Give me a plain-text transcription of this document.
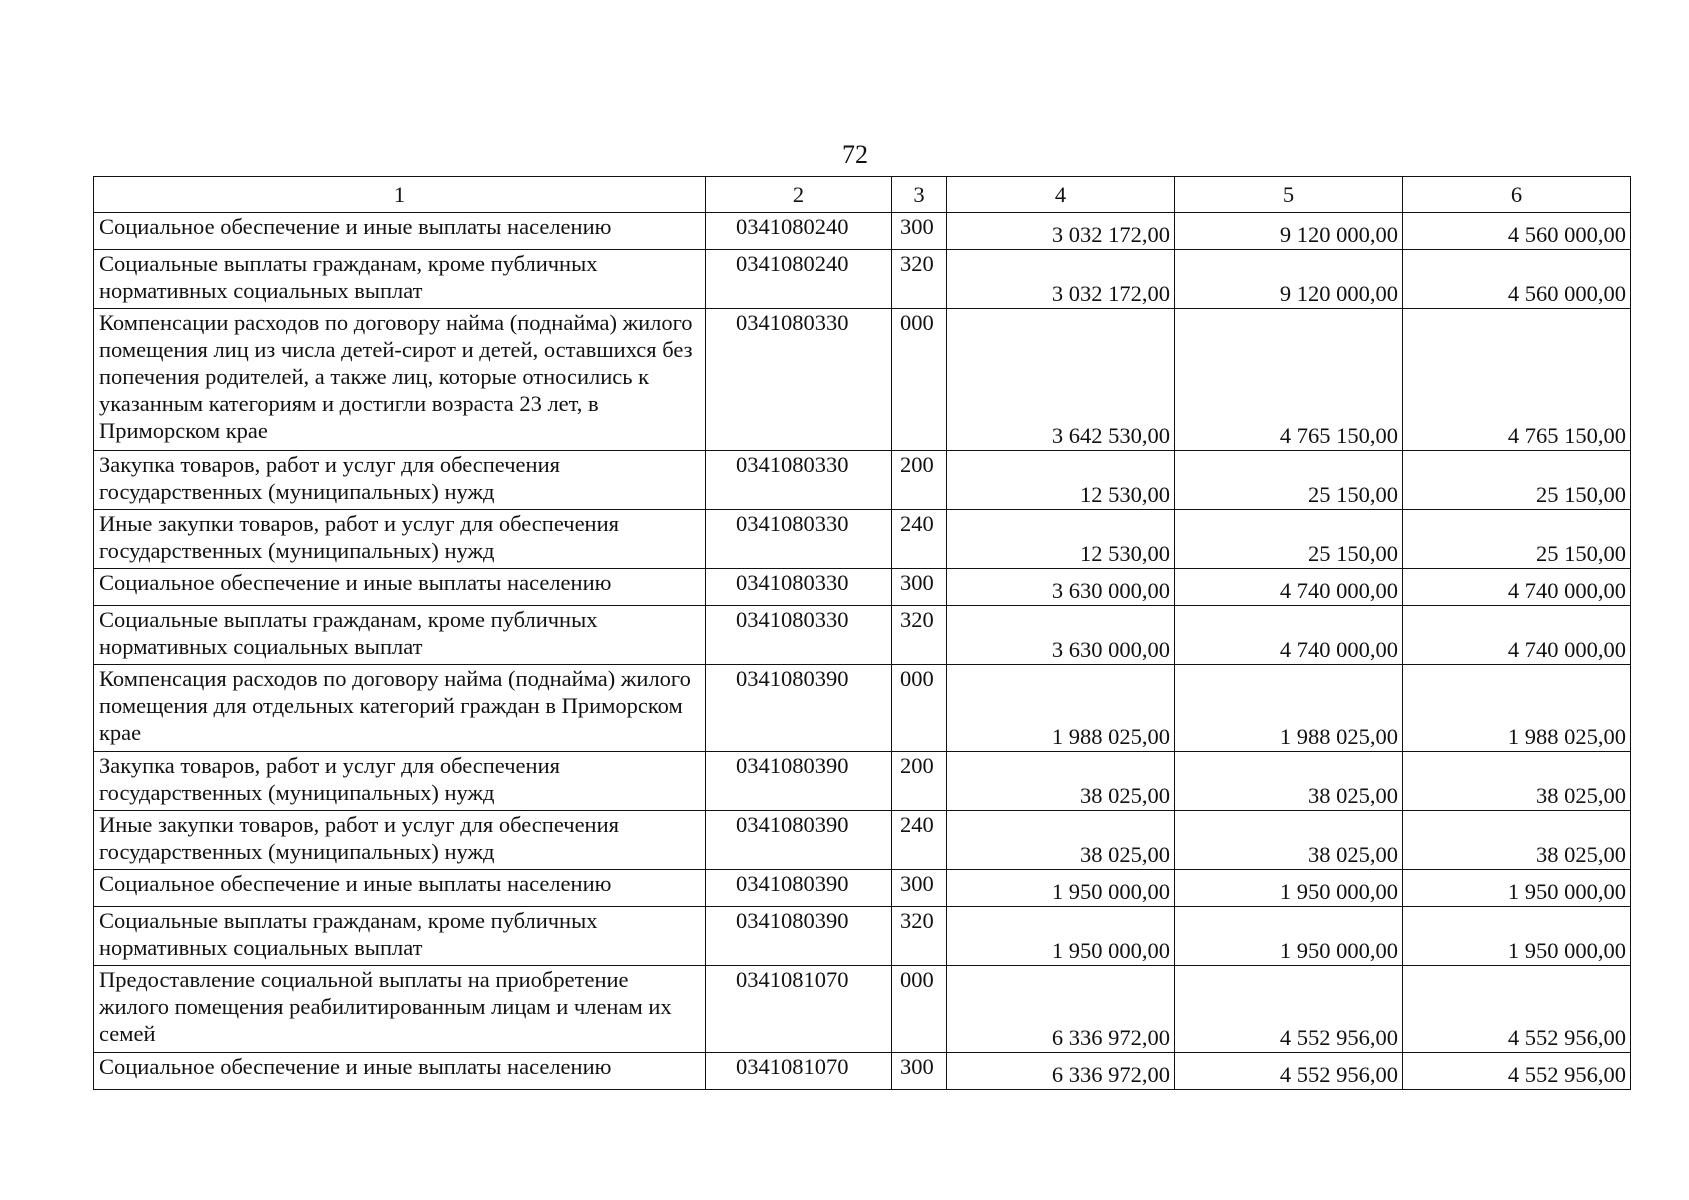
72
1	2	3	4	5	6
Социальное обеспечение и иные выплаты населению	0341080240	300	3 032 172,00	9 120 000,00	4 560 000,00
Социальные выплаты гражданам, кроме публичных нормативных социальных выплат	0341080240	320	3 032 172,00	9 120 000,00	4 560 000,00
Компенсации расходов по договору найма (поднайма) жилого помещения лиц из числа детей-сирот и детей, оставшихся без попечения родителей, а также лиц, которые относились к указанным категориям и достигли возраста 23 лет, в Приморском крае	0341080330	000	3 642 530,00	4 765 150,00	4 765 150,00
Закупка товаров, работ и услуг для обеспечения государственных (муниципальных) нужд	0341080330	200	12 530,00	25 150,00	25 150,00
Иные закупки товаров, работ и услуг для обеспечения государственных (муниципальных) нужд	0341080330	240	12 530,00	25 150,00	25 150,00
Социальное обеспечение и иные выплаты населению	0341080330	300	3 630 000,00	4 740 000,00	4 740 000,00
Социальные выплаты гражданам, кроме публичных нормативных социальных выплат	0341080330	320	3 630 000,00	4 740 000,00	4 740 000,00
Компенсация расходов по договору найма (поднайма) жилого помещения для отдельных категорий граждан в Приморском крае	0341080390	000	1 988 025,00	1 988 025,00	1 988 025,00
Закупка товаров, работ и услуг для обеспечения государственных (муниципальных) нужд	0341080390	200	38 025,00	38 025,00	38 025,00
Иные закупки товаров, работ и услуг для обеспечения государственных (муниципальных) нужд	0341080390	240	38 025,00	38 025,00	38 025,00
Социальное обеспечение и иные выплаты населению	0341080390	300	1 950 000,00	1 950 000,00	1 950 000,00
Социальные выплаты гражданам, кроме публичных нормативных социальных выплат	0341080390	320	1 950 000,00	1 950 000,00	1 950 000,00
Предоставление социальной выплаты на приобретение жилого помещения реабилитированным лицам и членам их семей	0341081070	000	6 336 972,00	4 552 956,00	4 552 956,00
Социальное обеспечение и иные выплаты населению	0341081070	300	6 336 972,00	4 552 956,00	4 552 956,00
